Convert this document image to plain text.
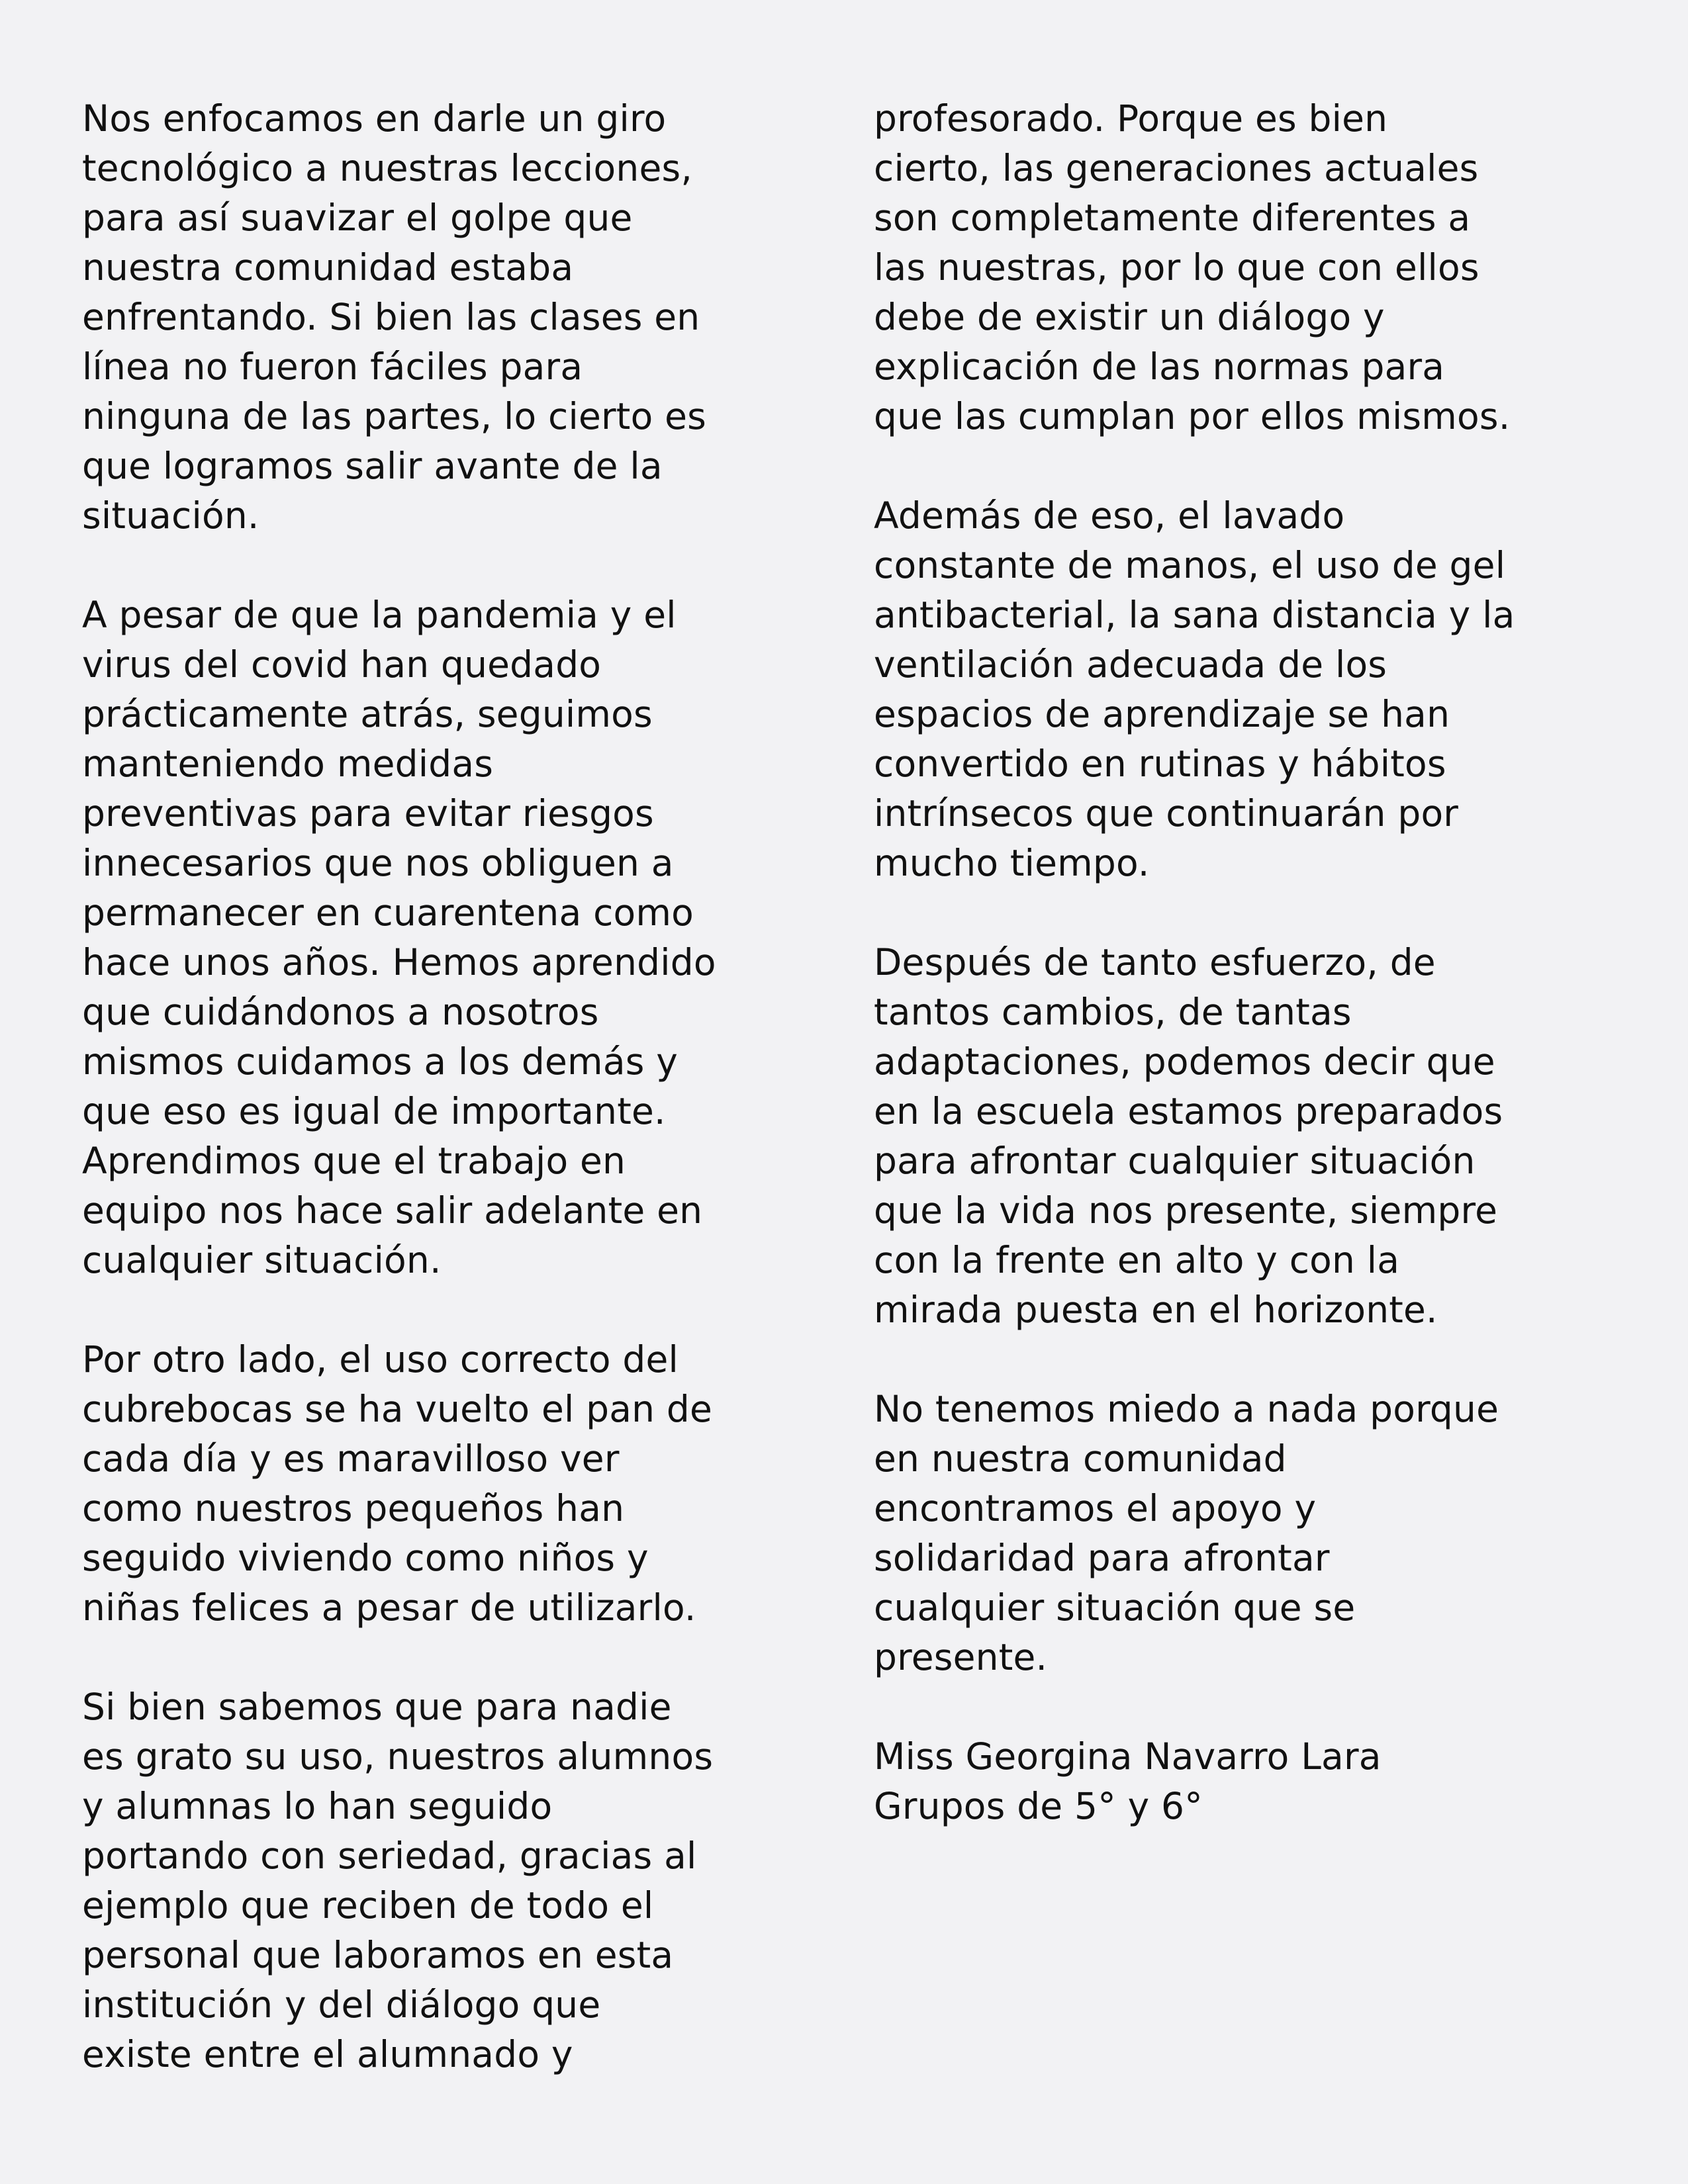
Nos enfocamos en darle un giro
tecnológico a nuestras lecciones,
para así suavizar el golpe que
nuestra comunidad estaba
enfrentando. Si bien las clases en
línea no fueron fáciles para
ninguna de las partes, lo cierto es
que logramos salir avante de la
situación.
A pesar de que la pandemia y el
virus del covid han quedado
prácticamente atrás, seguimos
manteniendo medidas
preventivas para evitar riesgos
innecesarios que nos obliguen a
permanecer en cuarentena como
hace unos años. Hemos aprendido
que cuidándonos a nosotros
mismos cuidamos a los demás y
que eso es igual de importante.
Aprendimos que el trabajo en
equipo nos hace salir adelante en
cualquier situación.
Por otro lado, el uso correcto del
cubrebocas se ha vuelto el pan de
cada día y es maravilloso ver
como nuestros pequeños han
seguido viviendo como niños y
niñas felices a pesar de utilizarlo.
Si bien sabemos que para nadie
es grato su uso, nuestros alumnos
y alumnas lo han seguido
portando con seriedad, gracias al
ejemplo que reciben de todo el
personal que laboramos en esta
institución y del diálogo que
existe entre el alumnado y
profesorado. Porque es bien
cierto, las generaciones actuales
son completamente diferentes a
las nuestras, por lo que con ellos
debe de existir un diálogo y
explicación de las normas para
que las cumplan por ellos mismos.
Además de eso, el lavado
constante de manos, el uso de gel
antibacterial, la sana distancia y la
ventilación adecuada de los
espacios de aprendizaje se han
convertido en rutinas y hábitos
intrínsecos que continuarán por
mucho tiempo.
Después de tanto esfuerzo, de
tantos cambios, de tantas
adaptaciones, podemos decir que
en la escuela estamos preparados
para afrontar cualquier situación
que la vida nos presente, siempre
con la frente en alto y con la
mirada puesta en el horizonte.
No tenemos miedo a nada porque
en nuestra comunidad
encontramos el apoyo y
solidaridad para afrontar
cualquier situación que se
presente.
Miss Georgina Navarro Lara
Grupos de 5° y 6°
